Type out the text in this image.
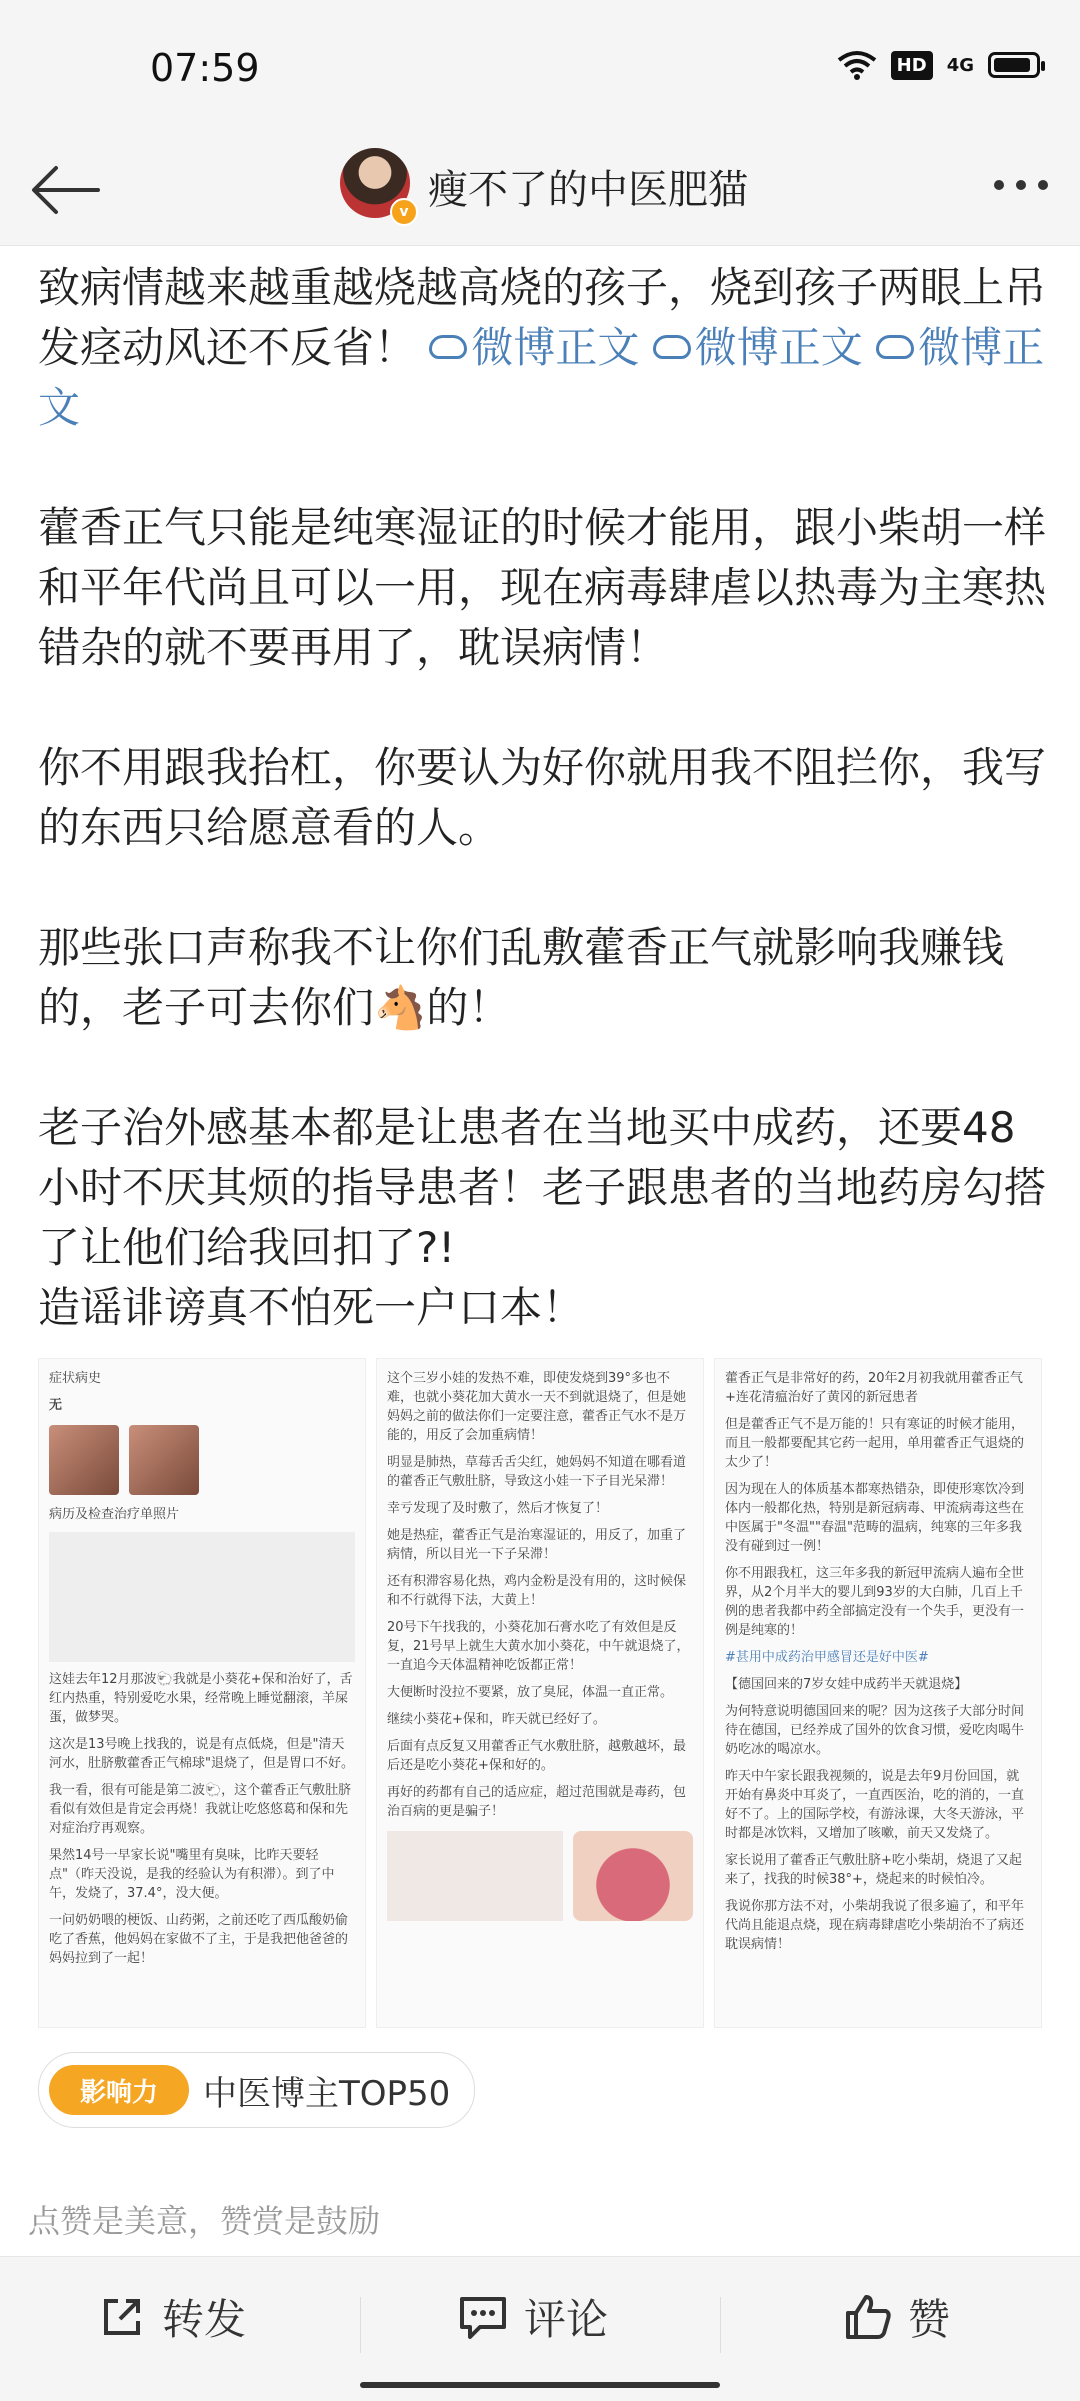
07:59	HD	4G
v 瘦不了的中医肥猫

致病情越来越重越烧越高烧的孩子，烧到孩子两眼上吊发痉动风还不反省！ 微博正文 微博正文 微博正文

藿香正气只能是纯寒湿证的时候才能用，跟小柴胡一样和平年代尚且可以一用，现在病毒肆虐以热毒为主寒热错杂的就不要再用了，耽误病情！

你不用跟我抬杠，你要认为好你就用我不阻拦你，我写的东西只给愿意看的人。

那些张口声称我不让你们乱敷藿香正气就影响我赚钱的，老子可去你们🐴的！

老子治外感基本都是让患者在当地买中成药，还要48小时不厌其烦的指导患者！老子跟患者的当地药房勾搭了让他们给我回扣了?!

造谣诽谤真不怕死一户口本！

症状病史

无

病历及检查治疗单照片

这娃去年12月那波🐑我就是小葵花+保和治好了，舌红内热重，特别爱吃水果，经常晚上睡觉翻滚，羊屎蛋，做梦哭。

这次是13号晚上找我的，说是有点低烧，但是"清天河水，肚脐敷藿香正气棉球"退烧了，但是胃口不好。

我一看，很有可能是第二波🐑，这个藿香正气敷肚脐看似有效但是肯定会再烧！我就让吃悠悠葛和保和先对症治疗再观察。

果然14号一早家长说"嘴里有臭味，比昨天要轻点"（昨天没说，是我的经验认为有积滞）。到了中午，发烧了，37.4°，没大便。

一问奶奶喂的梗饭、山药粥，之前还吃了西瓜酸奶偷吃了香蕉，他妈妈在家做不了主，于是我把他爸爸的妈妈拉到了一起！

这个三岁小娃的发热不难，即使发烧到39°多也不难，也就小葵花加大黄水一天不到就退烧了，但是她妈妈之前的做法你们一定要注意，藿香正气水不是万能的，用反了会加重病情！

明显是肺热，草莓舌舌尖红，她妈妈不知道在哪看道的藿香正气敷肚脐，导致这小娃一下子目光呆滞！

幸亏发现了及时敷了，然后才恢复了！

她是热症，藿香正气是治寒湿证的，用反了，加重了病情，所以目光一下子呆滞！

还有积滞容易化热，鸡内金粉是没有用的，这时候保和不行就得下法，大黄上！

20号下午找我的，小葵花加石膏水吃了有效但是反复，21号早上就生大黄水加小葵花，中午就退烧了，一直追今天体温精神吃饭都正常！

大便断时没拉不要紧，放了臭屁，体温一直正常。

继续小葵花+保和，昨天就已经好了。

后面有点反复又用藿香正气水敷肚脐，越敷越坏，最后还是吃小葵花+保和好的。

再好的药都有自己的适应症，超过范围就是毒药，包治百病的更是骗子！

藿香正气是非常好的药，20年2月初我就用藿香正气+连花清瘟治好了黄冈的新冠患者

但是藿香正气不是万能的！只有寒证的时候才能用，而且一般都要配其它药一起用，单用藿香正气退烧的太少了！

因为现在人的体质基本都寒热错杂，即使形寒饮冷到体内一般都化热，特别是新冠病毒、甲流病毒这些在中医属于"冬温""春温"范畴的温病，纯寒的三年多我没有碰到过一例！

你不用跟我杠，这三年多我的新冠甲流病人遍布全世界，从2个月半大的婴儿到93岁的大白肺，几百上千例的患者我都中药全部搞定没有一个失手，更没有一例是纯寒的！

#甚用中成药治甲感冒还是好中医#

【德国回来的7岁女娃中成药半天就退烧】

为何特意说明德国回来的呢？因为这孩子大部分时间待在德国，已经养成了国外的饮食习惯，爱吃肉喝牛奶吃冰的喝凉水。

昨天中午家长跟我视频的，说是去年9月份回国，就开始有鼻炎中耳炎了，一直西医治，吃的消的，一直好不了。上的国际学校，有游泳课，大冬天游泳，平时都是冰饮料，又增加了咳嗽，前天又发烧了。

家长说用了藿香正气敷肚脐+吃小柴胡，烧退了又起来了，找我的时候38°+，烧起来的时候怕冷。

我说你那方法不对，小柴胡我说了很多遍了，和平年代尚且能退点烧，现在病毒肆虐吃小柴胡治不了病还耽误病情！

影响力	中医博主TOP50
点赞是美意，赞赏是鼓励
转发	评论	赞
